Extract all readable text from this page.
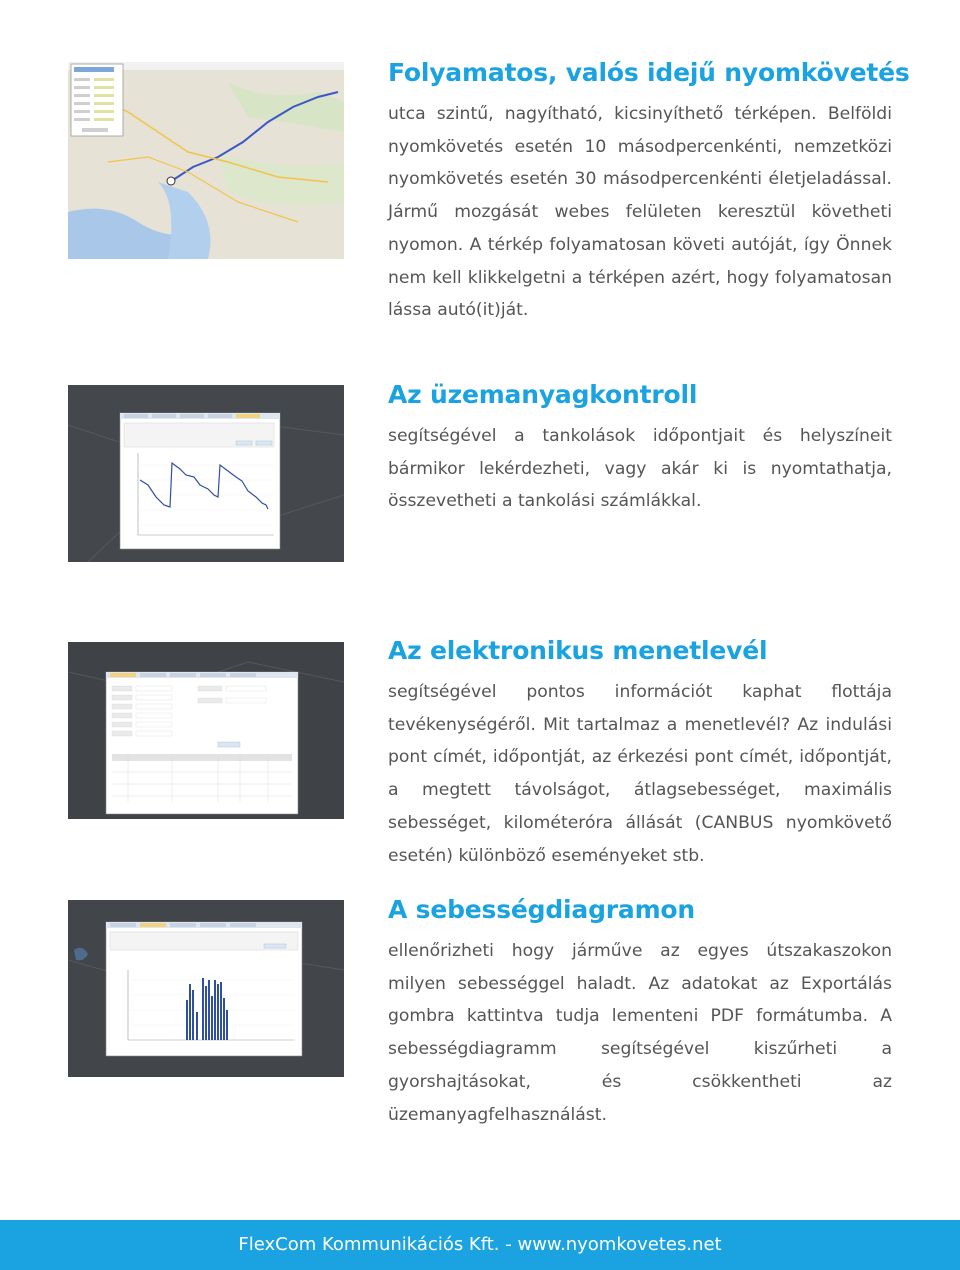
Folyamatos, valós idejű nyomkövetés

utca szintű, nagyítható, kicsinyíthető térképen. Belföldi nyomkövetés esetén 10 másodpercenkénti, nemzetközi nyomkövetés esetén 30 másodpercenkénti életjeladással. Jármű mozgását webes felületen keresztül követheti nyomon. A térkép folyamatosan követi autóját, így Önnek nem kell klikkelgetni a térképen azért, hogy folyamatosan lássa autó(it)ját.

Az üzemanyagkontroll

segítségével a tankolások időpontjait és helyszíneit bármikor lekérdezheti, vagy akár ki is nyomtathatja, összevetheti a tankolási számlákkal.

Az elektronikus menetlevél

segítségével pontos információt kaphat flottája tevékenységéről. Mit tartalmaz a menetlevél? Az indulási pont címét, időpontját, az érkezési pont címét, időpontját, a megtett távolságot, átlagsebességet, maximális sebességet, kilométeróra állását (CANBUS nyomkövető esetén) különböző eseményeket stb.

A sebességdiagramon

ellenőrizheti hogy járműve az egyes útszakaszokon milyen sebességgel haladt. Az adatokat az Exportálás gombra kattintva tudja lementeni PDF formátumba. A sebességdiagramm segítségével kiszűrheti a gyorshajtásokat, és csökkentheti az üzemanyagfelhasználást.

FlexCom Kommunikációs Kft. - www.nyomkovetes.net
